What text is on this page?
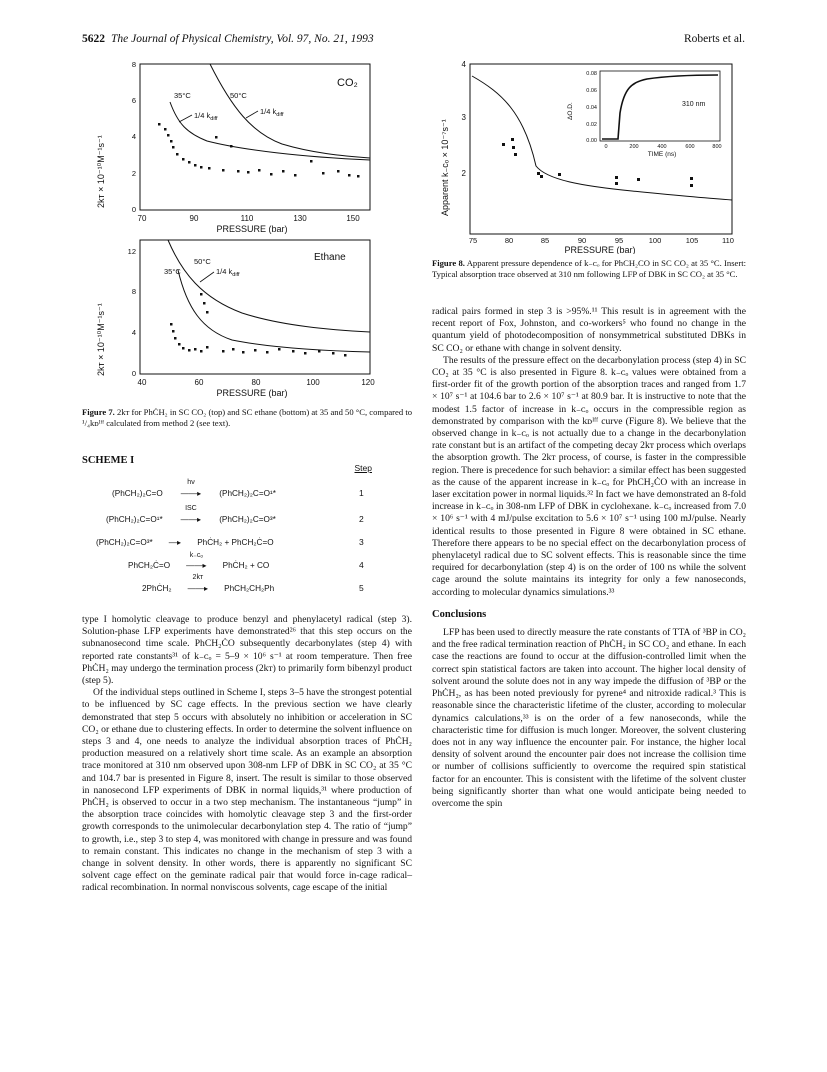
5622 The Journal of Physical Chemistry, Vol. 97, No. 21, 1993	Roberts et al.
CO₂
2kᴛ × 10⁻¹⁰M⁻¹s⁻¹
0
2
4
6
8
70	90	110	130	150
PRESSURE (bar)
35°C	50°C
1/4 $k_{diff}$
1/4 $k_{diff}$
Ethane
2kᴛ × 10⁻¹⁰M⁻¹s⁻¹	0
4
8
12
40	60	80	100	120
PRESSURE (bar)
35°C
50°C
1/4 $k_{diff}$
Figure 7. 2kᴛ for PhĊH₂ in SC CO₂ (top) and SC ethane (bottom) at 35 and 50 °C, compared to ¹/₄kᴅᴵᶠᶠ calculated from method 2 (see text).
SCHEME I
Step
(PhCH₂)₂C=O
hν
——▸ (PhCH₂)₂C=O¹*	1
(PhCH₂)₂C=O¹*
ISC
——▸ (PhCH₂)₂C=O³*	2
(PhCH₂)₂C=O³* —▸ PhĊH₂ + PhCH₂Ċ=O	3
PhCH₂Ċ=O
k₋ᴄₒ
——▸ PhĊH₂ + CO	4
2PhĊH₂
2kᴛ
——▸ PhCH₂CH₂Ph	5

type I homolytic cleavage to produce benzyl and phenylacetyl radical (step 3). Solution-phase LFP experiments have demonstrated²⁶ that this step occurs on the subnanosecond time scale. PhCH₂ĊO subsequently decarbonylates (step 4) with reported rate constants³¹ of k₋ᴄₒ = 5–9 × 10⁶ s⁻¹ at room temperature. Then free PhĊH₂ may undergo the termination process (2kᴛ) to primarily form bibenzyl product (step 5).

Of the individual steps outlined in Scheme I, steps 3–5 have the strongest potential to be influenced by SC cage effects. In the previous section we have clearly demonstrated that step 5 occurs with absolutely no inhibition or acceleration in SC CO₂ or ethane due to clustering effects. In order to determine the solvent influence on steps 3 and 4, one needs to analyze the individual absorption traces of PhĊH₂ production measured on a relatively short time scale. As an example an absorption trace monitored at 310 nm observed upon 308-nm LFP of DBK in SC CO₂ at 35 °C and 104.7 bar is presented in Figure 8, insert. The result is similar to those observed in nanosecond LFP experiments of DBK in normal liquids,³¹ where production of PhĊH₂ is observed to occur in a two step mechanism. The instantaneous “jump” in the absorption trace coincides with homolytic cleavage step 3 and the first-order growth corresponds to the unimolecular decarbonylation step 4. The ratio of “jump” to growth, i.e., step 3 to step 4, was monitored with change in pressure and was found to remain constant. This indicates no change in the mechanism of step 3 with a change in solvent density. In other words, there is apparently no significant SC solvent cage effect on the geminate radical pair that would force in-cage radical–radical recombination. In normal nonviscous solvents, cage escape of the initial

Apparent k₋ᴄₒ × 10⁻⁷s⁻¹ 2
3
4
75	80	85	90	95	100	105	110
PRESSURE (bar)
ΔO.D.
0.00
0.02
0.04
0.06
0.08
0	200	400	600	800
TIME (ns)
310 nm
Figure 8. Apparent pressure dependence of k₋ᴄₒ for PhCH₂CO in SC CO₂ at 35 °C. Insert: Typical absorption trace observed at 310 nm following LFP of DBK in SC CO₂ at 35 °C.

radical pairs formed in step 3 is >95%.¹¹ This result is in agreement with the recent report of Fox, Johnston, and co-workers⁵ who found no change in the quantum yield of photodecomposition of nonsymmetrical substituted DBKs in SC CO₂ or ethane with change in solvent density.

The results of the pressure effect on the decarbonylation process (step 4) in SC CO₂ at 35 °C is also presented in Figure 8. k₋ᴄₒ values were obtained from a first-order fit of the growth portion of the absorption traces and ranged from 1.7 × 10⁷ s⁻¹ at 104.6 bar to 2.6 × 10⁷ s⁻¹ at 80.9 bar. It is instructive to note that the modest 1.5 factor of increase in k₋ᴄₒ occurs in the compressible region as demonstrated by comparison with the kᴅᴵᶠᶠ curve (Figure 8). We believe that the observed change in k₋ᴄₒ is not actually due to a change in the decarbonylation rate constant but is an artifact of the competing decay 2kᴛ process which overlaps the absorption growth. The 2kᴛ process, of course, is faster in the compressible region. There is precedence for such behavior: a similar effect has been suggested as the cause of the apparent increase in k₋ᴄₒ for PhCH₂ĊO with an increase in laser excitation power in normal liquids.³² In fact we have demonstrated an 8-fold increase in k₋ᴄₒ in 308-nm LFP of DBK in cyclohexane. k₋ᴄₒ increased from 7.0 × 10⁶ s⁻¹ with 4 mJ/pulse excitation to 5.6 × 10⁷ s⁻¹ using 100 mJ/pulse. Nearly identical results to those presented in Figure 8 were obtained in SC ethane. Therefore there appears to be no special effect on the decarbonylation process of phenylacetyl radical due to SC solvent effects. This is reasonable since the time required for decarbonylation (step 4) is on the order of 100 ns while the solvent cage around the solute maintains its integrity for only a few nanoseconds, according to molecular dynamics simulations.³³

Conclusions

LFP has been used to directly measure the rate constants of TTA of ³BP in CO₂ and the free radical termination reaction of PhĊH₂ in SC CO₂ and ethane. In each case the reactions are found to occur at the diffusion-controlled limit when the correct spin statistical factors are taken into account. The higher local density of solvent around the solute does not in any way impede the diffusion of ³BP or the PhĊH₂, as has been noted previously for pyrene⁴ and nitroxide radical.³ This is reasonable since the characteristic lifetime of the cluster, according to molecular dynamics calculations,³³ is on the order of a few nanoseconds, while the characteristic time for diffusion is much longer. Moreover, the solvent clustering does not in any way influence the encounter pair. For instance, the higher local density of solvent around the encounter pair does not increase the collision time or number of collisions sufficiently to overcome the required spin statistical factor for an encounter. This is consistent with the lifetime of the solvent cluster being significantly shorter than what one would anticipate being needed to overcome the spin
